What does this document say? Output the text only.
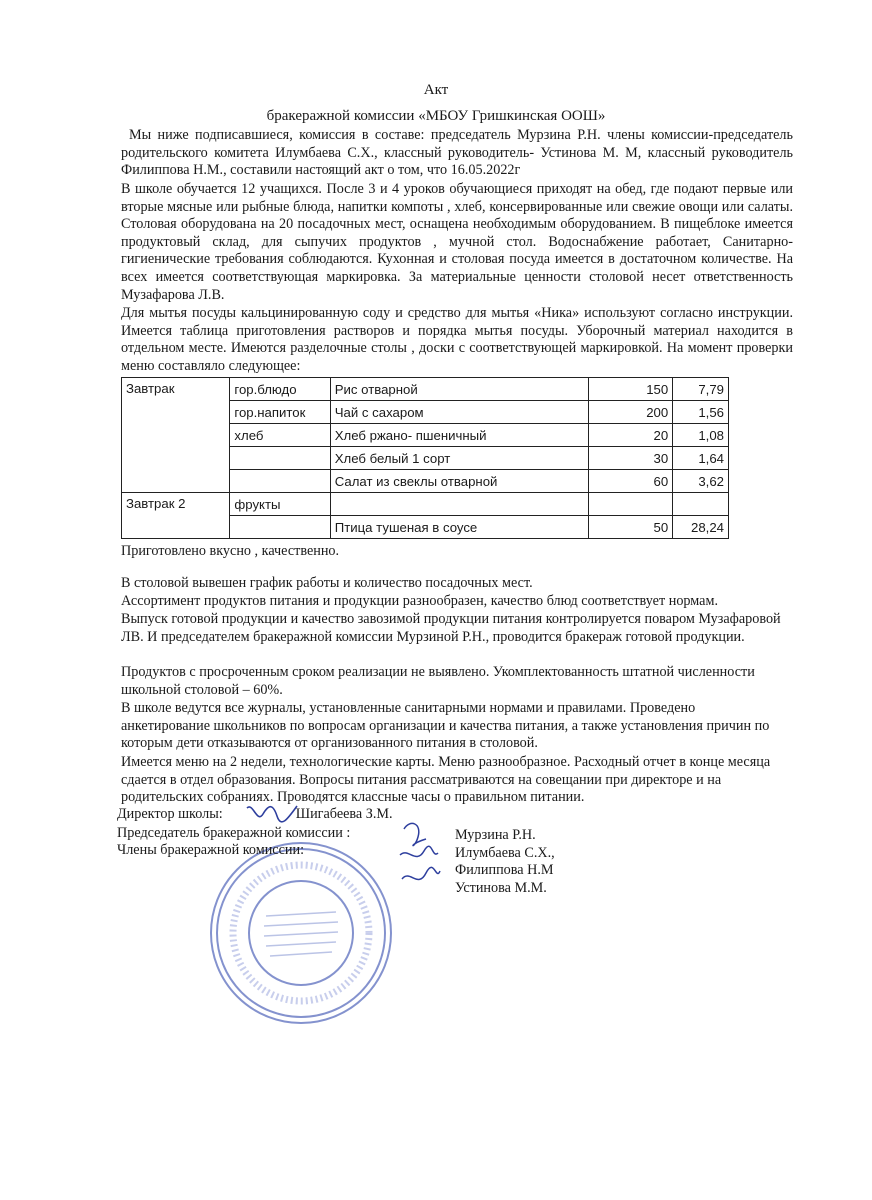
Акт
бракеражной комиссии «МБОУ Гришкинская ООШ»
Мы ниже подписавшиеся, комиссия в составе: председатель Мурзина Р.Н. члены комиссии-председатель родительского комитета Илумбаева С.Х., классный руководитель- Устинова М. М, классный руководитель Филиппова Н.М., составили настоящий акт о том, что 16.05.2022г
В школе обучается 12 учащихся. После 3 и 4 уроков обучающиеся приходят на обед, где подают первые или вторые мясные или рыбные блюда, напитки компоты , хлеб, консервированные или свежие овощи или салаты. Столовая оборудована на 20 посадочных мест, оснащена необходимым оборудованием. В пищеблоке имеется продуктовый склад, для сыпучих продуктов , мучной стол. Водоснабжение работает, Санитарно-гигиенические требования соблюдаются. Кухонная и столовая посуда имеется в достаточном количестве. На всех имеется соответствующая маркировка. За материальные ценности столовой несет ответственность Музафарова Л.В.
Для мытья посуды кальцинированную соду и средство для мытья «Ника» используют согласно инструкции. Имеется таблица приготовления растворов и порядка мытья посуды. Уборочный материал находится в отдельном месте. Имеются разделочные столы , доски с соответствующей маркировкой. На момент проверки меню составляло следующее:
Завтрак	гор.блюдо	Рис отварной	150	7,79
	гор.напиток	Чай с сахаром	200	1,56
	хлеб	Хлеб ржано- пшеничный	20	1,08
		Хлеб белый 1 сорт	30	1,64
		Салат из свеклы отварной	60	3,62
Завтрак 2	фрукты			
		Птица тушеная в соусе	50	28,24
Приготовлено вкусно , качественно.
В столовой вывешен график работы и количество посадочных мест.
Ассортимент продуктов питания и продукции разнообразен, качество блюд соответствует нормам.
Выпуск готовой продукции и качество завозимой продукции питания контролируется поваром Музафаровой ЛВ. И председателем бракеражной комиссии Мурзиной Р.Н., проводится бракераж готовой продукции.
Продуктов с просроченным сроком реализации не выявлено. Укомплектованность штатной численности школьной столовой – 60%.
В школе ведутся все журналы, установленные санитарными нормами и правилами. Проведено анкетирование школьников по вопросам организации и качества питания, а также установления причин по которым дети отказываются от организованного питания в столовой.
Имеется меню на 2 недели, технологические карты. Меню разнообразное. Расходный отчет в конце месяца сдается в отдел образования. Вопросы питания рассматриваются на совещании при директоре и на родительских собраниях. Проводятся классные часы о правильном питании.
Директор школы:	Шигабеева З.М.
Председатель бракеражной комиссии :
Члены бракеражной комиссии:
Мурзина Р.Н.
Илумбаева С.Х.,
Филиппова Н.М
Устинова М.М.
